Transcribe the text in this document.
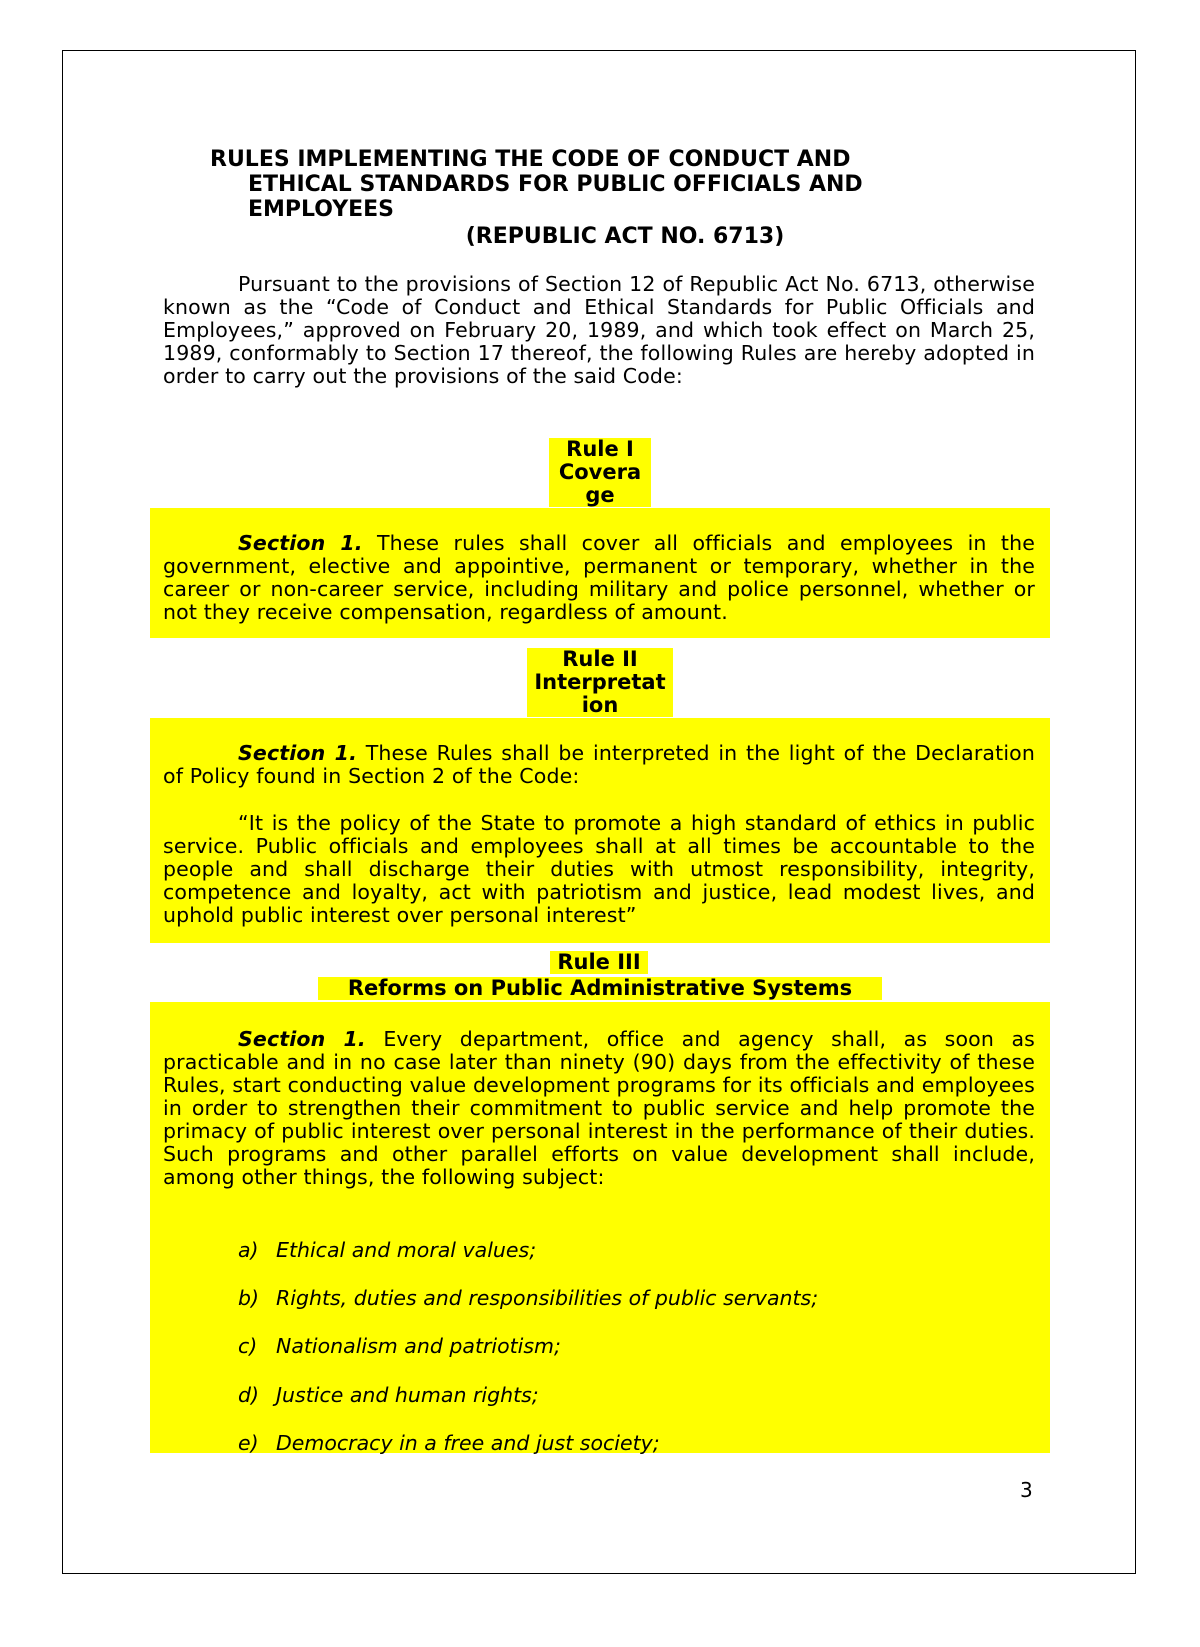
RULES IMPLEMENTING THE CODE OF CONDUCT AND
ETHICAL STANDARDS FOR PUBLIC OFFICIALS AND
EMPLOYEES
(REPUBLIC ACT NO. 6713)
Pursuant to the provisions of Section 12 of Republic Act No. 6713, otherwise known as the “Code of Conduct and Ethical Standards for Public Officials and Employees,” approved on February 20, 1989, and which took effect on March 25, 1989, conformably to Section 17 thereof, the following Rules are hereby adopted in order to carry out the provisions of the said Code:
Rule I
Covera
ge
Section 1. These rules shall cover all officials and employees in the government, elective and appointive, permanent or temporary, whether in the career or non-career service, including military and police personnel, whether or not they receive compensation, regardless of amount.
Rule II
Interpretat
ion
Section 1. These Rules shall be interpreted in the light of the Declaration of Policy found in Section 2 of the Code:
“It is the policy of the State to promote a high standard of ethics in public service. Public officials and employees shall at all times be accountable to the people and shall discharge their duties with utmost responsibility, integrity, competence and loyalty, act with patriotism and justice, lead modest lives, and uphold public interest over personal interest”
Rule III
Reforms on Public Administrative Systems
Section 1. Every department, office and agency shall, as soon as practicable and in no case later than ninety (90) days from the effectivity of these Rules, start conducting value development programs for its officials and employees in order to strengthen their commitment to public service and help promote the primacy of public interest over personal interest in the performance of their duties. Such programs and other parallel efforts on value development shall include, among other things, the following subject:
a) Ethical and moral values;
b) Rights, duties and responsibilities of public servants;
c) Nationalism and patriotism;
d) Justice and human rights;
e) Democracy in a free and just society;
3
